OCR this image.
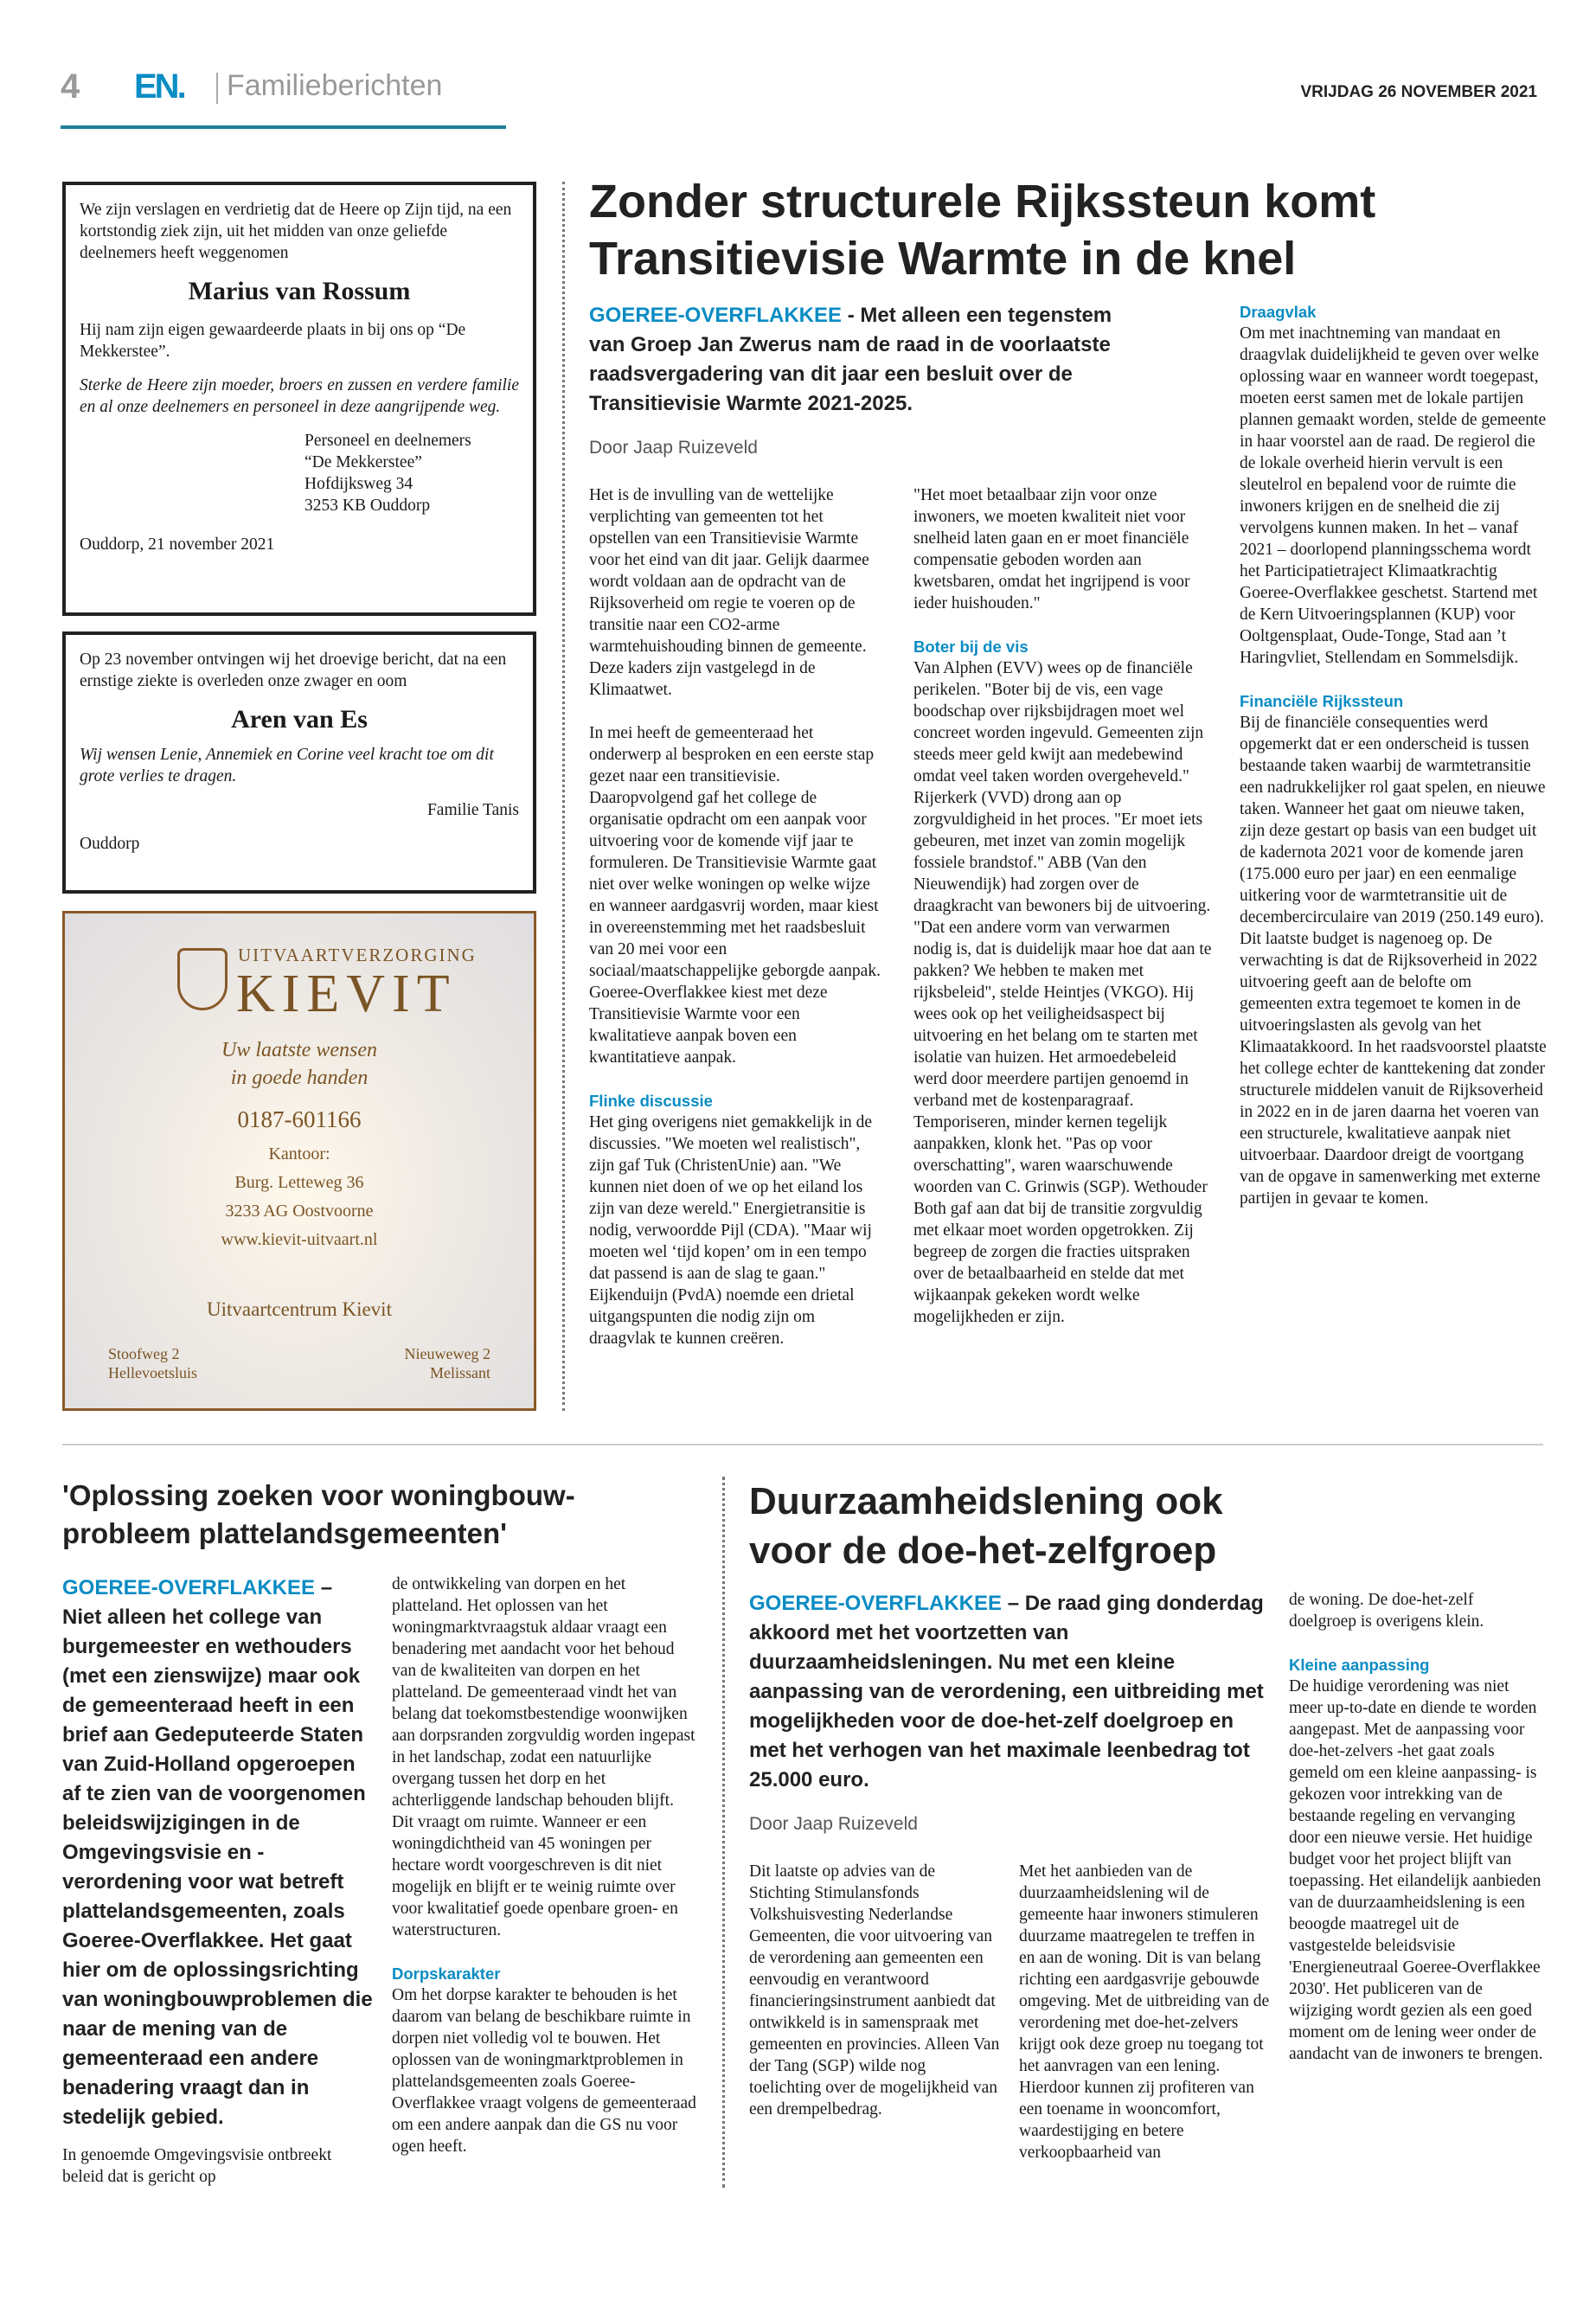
4 EN. Familieberichten	VRIJDAG 26 NOVEMBER 2021

We zijn verslagen en verdrietig dat de Heere op Zijn tijd, na een kortstondig ziek zijn, uit het midden van onze geliefde deelnemers heeft weggenomen

Marius van Rossum

Hij nam zijn eigen gewaardeerde plaats in bij ons op “De Mekkerstee”.

Sterke de Heere zijn moeder, broers en zussen en verdere familie en al onze deelnemers en personeel in deze aangrijpende weg.

Personeel en deelnemers
“De Mekkerstee”
Hofdijksweg 34
3253 KB Ouddorp

Ouddorp, 21 november 2021

Op 23 november ontvingen wij het droevige bericht, dat na een ernstige ziekte is overleden onze zwager en oom

Aren van Es

Wij wensen Lenie, Annemiek en Corine veel kracht toe om dit grote verlies te dragen.

Familie Tanis

Ouddorp
UITVAARTVERZORGING
KIEVIT
Uw laatste wensen
in goede handen
0187-601166
Kantoor:
Burg. Letteweg 36
3233 AG Oostvoorne
www.kievit-uitvaart.nl
Uitvaartcentrum Kievit
Stoofweg 2
Hellevoetsluis
Nieuweweg 2
Melissant
Zonder structurele Rijkssteun komt Transitievisie Warmte in de knel
GOEREE-OVERFLAKKEE - Met alleen een tegenstem van Groep Jan Zwerus nam de raad in de voorlaatste raadsvergadering van dit jaar een besluit over de Transitievisie Warmte 2021-2025.
Door Jaap Ruizeveld

Het is de invulling van de wettelijke verplichting van gemeenten tot het opstellen van een Transitievisie Warmte voor het eind van dit jaar. Gelijk daarmee wordt voldaan aan de opdracht van de Rijksoverheid om regie te voeren op de transitie naar een CO2-arme warmtehuishouding binnen de gemeente. Deze kaders zijn vastgelegd in de Klimaatwet.

In mei heeft de gemeenteraad het onderwerp al besproken en een eerste stap gezet naar een transitievisie. Daaropvolgend gaf het college de organisatie opdracht om een aanpak voor uitvoering voor de komende vijf jaar te formuleren. De Transitievisie Warmte gaat niet over welke woningen op welke wijze en wanneer aardgasvrij worden, maar kiest in overeenstemming met het raadsbesluit van 20 mei voor een sociaal/maatschappelijke geborgde aanpak. Goeree-Overflakkee kiest met deze Transitievisie Warmte voor een kwalitatieve aanpak boven een kwantitatieve aanpak.

Flinke discussie

Het ging overigens niet gemakkelijk in de discussies. "We moeten wel realistisch", zijn gaf Tuk (ChristenUnie) aan. "We kunnen niet doen of we op het eiland los zijn van deze wereld." Energietransitie is nodig, verwoordde Pijl (CDA). "Maar wij moeten wel ‘tijd kopen’ om in een tempo dat passend is aan de slag te gaan." Eijkenduijn (PvdA) noemde een drietal uitgangspunten die nodig zijn om draagvlak te kunnen creëren.

"Het moet betaalbaar zijn voor onze inwoners, we moeten kwaliteit niet voor snelheid laten gaan en er moet financiële compensatie geboden worden aan kwetsbaren, omdat het ingrijpend is voor ieder huishouden."

Boter bij de vis

Van Alphen (EVV) wees op de financiële perikelen. "Boter bij de vis, een vage boodschap over rijksbijdragen moet wel concreet worden ingevuld. Gemeenten zijn steeds meer geld kwijt aan medebewind omdat veel taken worden overgeheveld." Rijerkerk (VVD) drong aan op zorgvuldigheid in het proces. "Er moet iets gebeuren, met inzet van zomin mogelijk fossiele brandstof." ABB (Van den Nieuwendijk) had zorgen over de draagkracht van bewoners bij de uitvoering. "Dat een andere vorm van verwarmen nodig is, dat is duidelijk maar hoe dat aan te pakken? We hebben te maken met rijksbeleid", stelde Heintjes (VKGO). Hij wees ook op het veiligheidsaspect bij uitvoering en het belang om te starten met isolatie van huizen. Het armoedebeleid werd door meerdere partijen genoemd in verband met de kostenparagraaf. Temporiseren, minder kernen tegelijk aanpakken, klonk het. "Pas op voor overschatting", waren waarschuwende woorden van C. Grinwis (SGP). Wethouder Both gaf aan dat bij de transitie zorgvuldig met elkaar moet worden opgetrokken. Zij begreep de zorgen die fracties uitspraken over de betaalbaarheid en stelde dat met wijkaanpak gekeken wordt welke mogelijkheden er zijn.

Draagvlak

Om met inachtneming van mandaat en draagvlak duidelijkheid te geven over welke oplossing waar en wanneer wordt toegepast, moeten eerst samen met de lokale partijen plannen gemaakt worden, stelde de gemeente in haar voorstel aan de raad. De regierol die de lokale overheid hierin vervult is een sleutelrol en bepalend voor de ruimte die inwoners krijgen en de snelheid die zij vervolgens kunnen maken. In het – vanaf 2021 – doorlopend planningsschema wordt het Participatietraject Klimaatkrachtig Goeree-Overflakkee geschetst. Startend met de Kern Uitvoeringsplannen (KUP) voor Ooltgensplaat, Oude-Tonge, Stad aan ’t Haringvliet, Stellendam en Sommelsdijk.

Financiële Rijkssteun

Bij de financiële consequenties werd opgemerkt dat er een onderscheid is tussen bestaande taken waarbij de warmtetransitie een nadrukkelijker rol gaat spelen, en nieuwe taken. Wanneer het gaat om nieuwe taken, zijn deze gestart op basis van een budget uit de kadernota 2021 voor de komende jaren (175.000 euro per jaar) en een eenmalige uitkering voor de warmtetransitie uit de decembercirculaire van 2019 (250.149 euro). Dit laatste budget is nagenoeg op. De verwachting is dat de Rijksoverheid in 2022 uitvoering geeft aan de belofte om gemeenten extra tegemoet te komen in de uitvoeringslasten als gevolg van het Klimaatakkoord. In het raadsvoorstel plaatste het college echter de kanttekening dat zonder structurele middelen vanuit de Rijksoverheid in 2022 en in de jaren daarna het voeren van een structurele, kwalitatieve aanpak niet uitvoerbaar. Daardoor dreigt de voortgang van de opgave in samenwerking met externe partijen in gevaar te komen.

'Oplossing zoeken voor woningbouw-probleem plattelandsgemeenten'
GOEREE-OVERFLAKKEE – Niet alleen het college van burgemeester en wethouders (met een zienswijze) maar ook de gemeenteraad heeft in een brief aan Gedeputeerde Staten van Zuid-Holland opgeroepen af te zien van de voorgenomen beleidswijzigingen in de Omgevingsvisie en -verordening voor wat betreft plattelandsgemeenten, zoals Goeree-Overflakkee. Het gaat hier om de oplossingsrichting van woningbouwproblemen die naar de mening van de gemeenteraad een andere benadering vraagt dan in stedelijk gebied.

In genoemde Omgevingsvisie ontbreekt beleid dat is gericht op

de ontwikkeling van dorpen en het platteland. Het oplossen van het woningmarktvraagstuk aldaar vraagt een benadering met aandacht voor het behoud van de kwaliteiten van dorpen en het platteland. De gemeenteraad vindt het van belang dat toekomstbestendige woonwijken aan dorpsranden zorgvuldig worden ingepast in het landschap, zodat een natuurlijke overgang tussen het dorp en het achterliggende landschap behouden blijft. Dit vraagt om ruimte. Wanneer er een woningdichtheid van 45 woningen per hectare wordt voorgeschreven is dit niet mogelijk en blijft er te weinig ruimte over voor kwalitatief goede openbare groen- en waterstructuren.

Dorpskarakter

Om het dorpse karakter te behouden is het daarom van belang de beschikbare ruimte in dorpen niet volledig vol te bouwen. Het oplossen van de woningmarktproblemen in plattelandsgemeenten zoals Goeree-Overflakkee vraagt volgens de gemeenteraad om een andere aanpak dan die GS nu voor ogen heeft.

Duurzaamheidslening ook voor de doe-het-zelfgroep
GOEREE-OVERFLAKKEE – De raad ging donderdag akkoord met het voortzetten van duurzaamheidsleningen. Nu met een kleine aanpassing van de verordening, een uitbreiding met mogelijkheden voor de doe-het-zelf doelgroep en met het verhogen van het maximale leenbedrag tot 25.000 euro.
Door Jaap Ruizeveld

Dit laatste op advies van de Stichting Stimulansfonds Volkshuisvesting Nederlandse Gemeenten, die voor uitvoering van de verordening aan gemeenten een eenvoudig en verantwoord financieringsinstrument aanbiedt dat ontwikkeld is in samenspraak met gemeenten en provincies. Alleen Van der Tang (SGP) wilde nog toelichting over de mogelijkheid van een drempelbedrag.

Met het aanbieden van de duurzaamheidslening wil de gemeente haar inwoners stimuleren duurzame maatregelen te treffen in en aan de woning. Dit is van belang richting een aardgasvrije gebouwde omgeving. Met de uitbreiding van de verordening met doe-het-zelvers krijgt ook deze groep nu toegang tot het aanvragen van een lening. Hierdoor kunnen zij profiteren van een toename in wooncomfort, waardestijging en betere verkoopbaarheid van

de woning. De doe-het-zelf doelgroep is overigens klein.

Kleine aanpassing

De huidige verordening was niet meer up-to-date en diende te worden aangepast. Met de aanpassing voor doe-het-zelvers -het gaat zoals gemeld om een kleine aanpassing- is gekozen voor intrekking van de bestaande regeling en vervanging door een nieuwe versie. Het huidige budget voor het project blijft van toepassing. Het eilandelijk aanbieden van de duurzaamheidslening is een beoogde maatregel uit de vastgestelde beleidsvisie 'Energieneutraal Goeree-Overflakkee 2030'. Het publiceren van de wijziging wordt gezien als een goed moment om de lening weer onder de aandacht van de inwoners te brengen.
